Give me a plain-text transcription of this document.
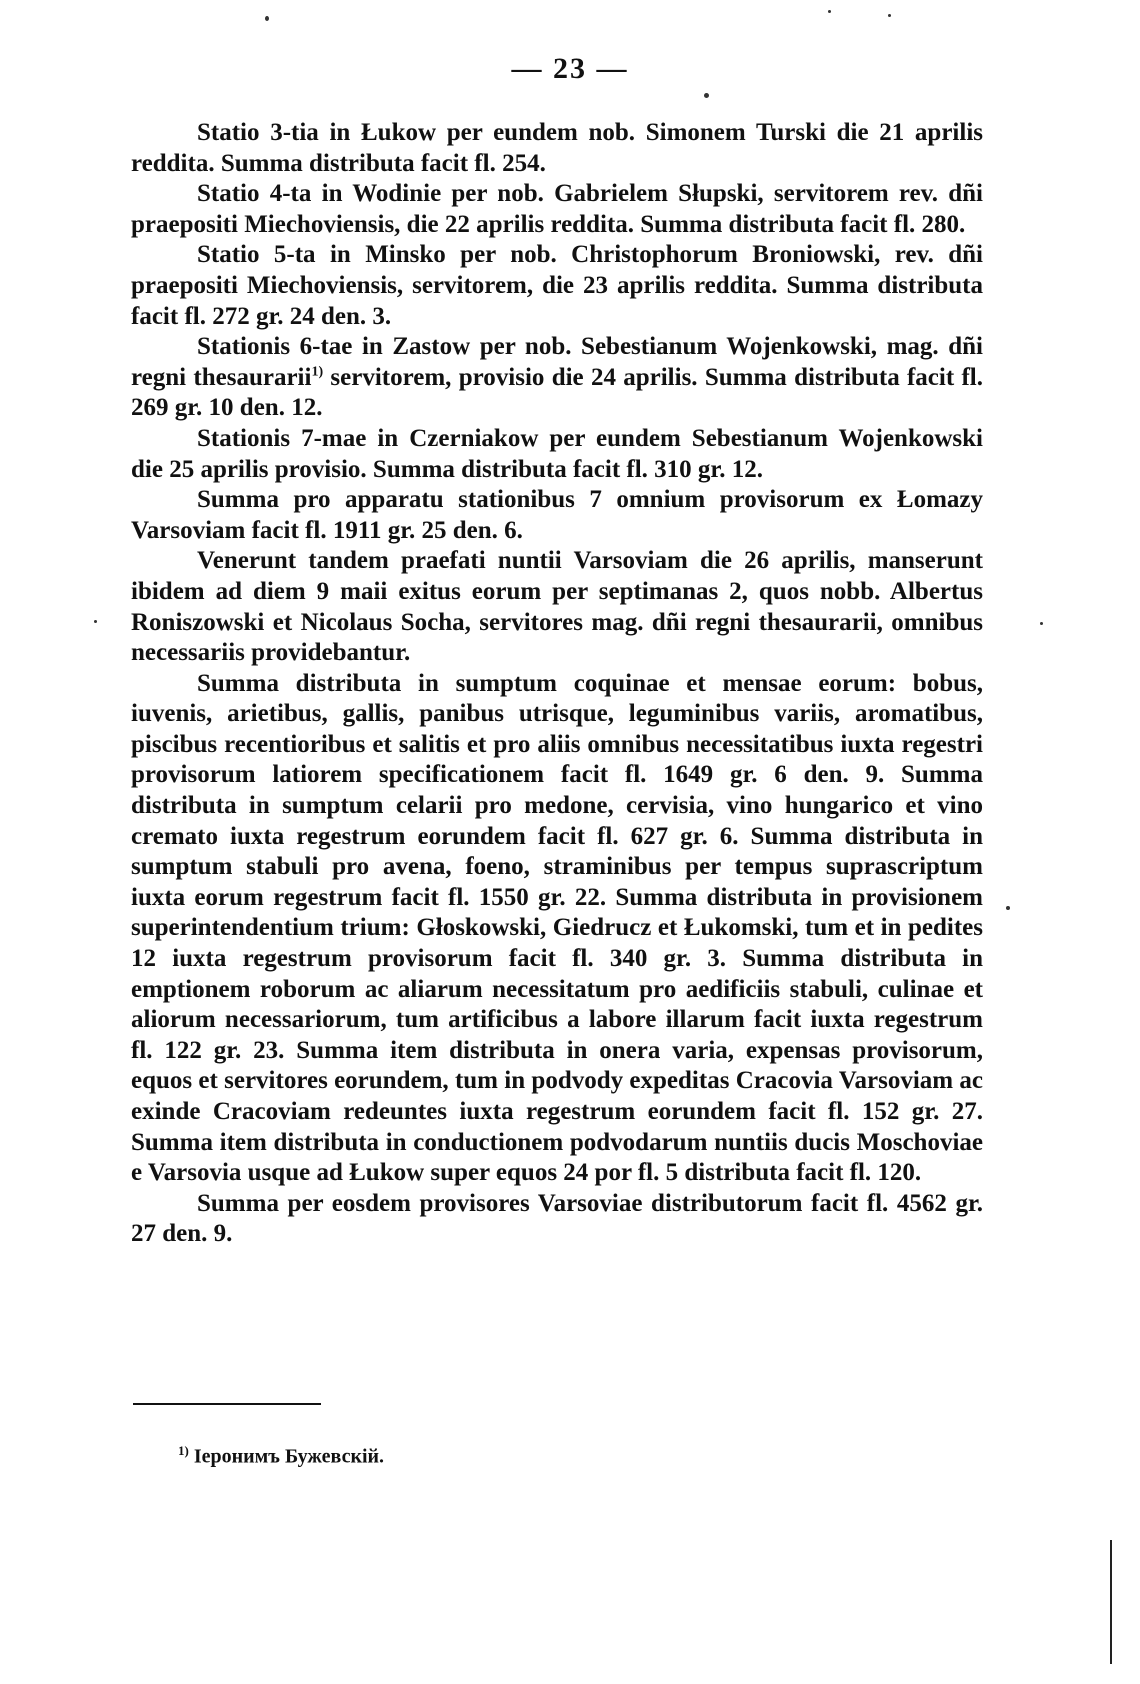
— 23 —

Statio 3-tia in Łukow per eundem nob. Simonem Turski die 21 aprilis reddita. Summa distributa facit fl. 254.

Statio 4-ta in Wodinie per nob. Gabrielem Słupski, servitorem rev. dñi praepositi Miechoviensis, die 22 aprilis reddita. Summa distributa facit fl. 280.

Statio 5-ta in Minsko per nob. Christophorum Broniowski, rev. dñi praepositi Miechoviensis, servitorem, die 23 aprilis reddita. Summa distributa facit fl. 272 gr. 24 den. 3.

Stationis 6-tae in Zastow per nob. Sebestianum Wojenkowski, mag. dñi regni thesaurarii$^{1)}$ servitorem, provisio die 24 aprilis. Summa distributa facit fl. 269 gr. 10 den. 12.

Stationis 7-mae in Czerniakow per eundem Sebestianum Wojenkowski die 25 aprilis provisio. Summa distributa facit fl. 310 gr. 12.

Summa pro apparatu stationibus 7 omnium provisorum ex Łomazy Varsoviam facit fl. 1911 gr. 25 den. 6.

Venerunt tandem praefati nuntii Varsoviam die 26 aprilis, manserunt ibidem ad diem 9 maii exitus eorum per septimanas 2, quos nobb. Albertus Roniszowski et Nicolaus Socha, servitores mag. dñi regni thesaurarii, omnibus necessariis providebantur.

Summa distributa in sumptum coquinae et mensae eorum: bobus, iuvenis, arietibus, gallis, panibus utrisque, leguminibus variis, aromatibus, piscibus recentioribus et salitis et pro aliis omnibus necessitatibus iuxta regestri provisorum latiorem specificationem facit fl. 1649 gr. 6 den. 9. Summa distributa in sumptum celarii pro medone, cervisia, vino hungarico et vino cremato iuxta regestrum eorundem facit fl. 627 gr. 6. Summa distributa in sumptum stabuli pro avena, foeno, straminibus per tempus suprascriptum iuxta eorum regestrum facit fl. 1550 gr. 22. Summa distributa in provisionem superintendentium trium: Głoskowski, Giedrucz et Łukomski, tum et in pedites 12 iuxta regestrum provisorum facit fl. 340 gr. 3. Summa distributa in emptionem roborum ac aliarum necessitatum pro aedificiis stabuli, culinae et aliorum necessariorum, tum artificibus a labore illarum facit iuxta regestrum fl. 122 gr. 23. Summa item distributa in onera varia, expensas provisorum, equos et servitores eorundem, tum in podvody expeditas Cracovia Varsoviam ac exinde Cracoviam redeuntes iuxta regestrum eorundem facit fl. 152 gr. 27. Summa item distributa in conductionem podvodarum nuntiis ducis Moschoviae e Varsovia usque ad Łukow super equos 24 por fl. 5 distributa facit fl. 120.

Summa per eosdem provisores Varsoviae distributorum facit fl. 4562 gr. 27 den. 9.

$^{1)}$ Іеронимъ Бужевскій.
